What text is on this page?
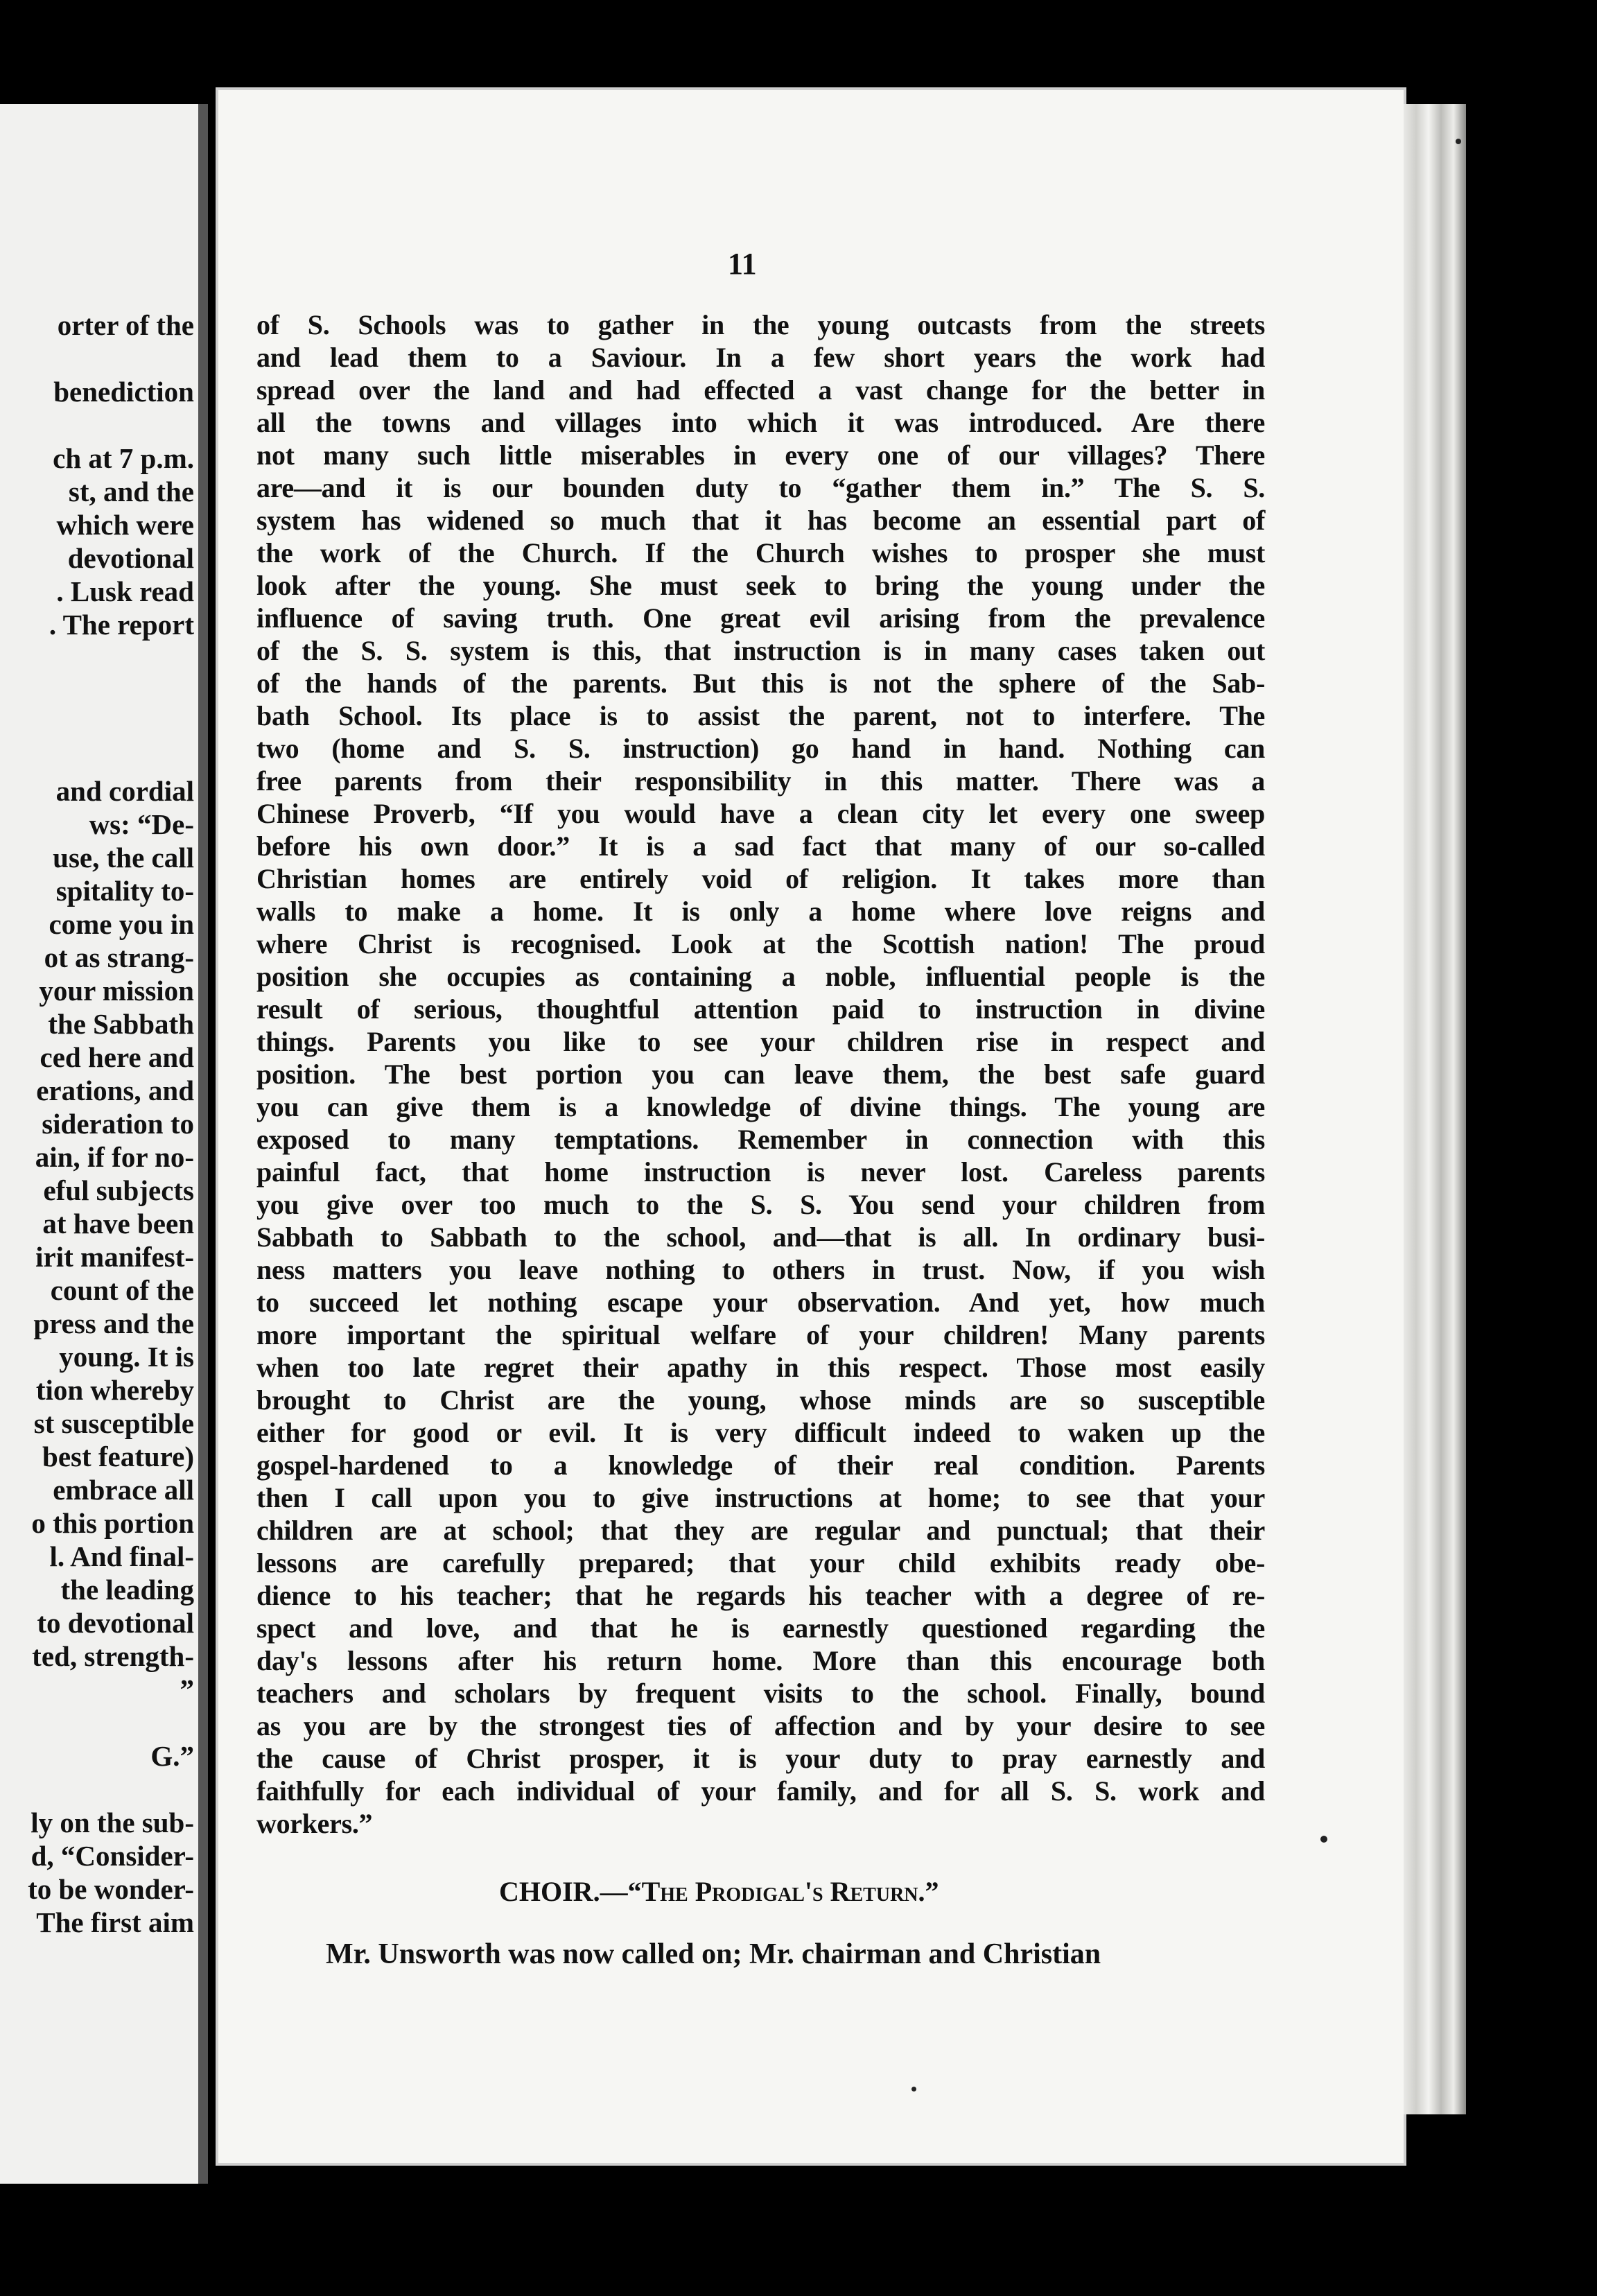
orter of the
benediction
ch at 7 p.m.
st, and the
which were
devotional
. Lusk read
. The report
and cordial
ws: “De-
use, the call
spitality to-
come you in
ot as strang-
your mission
the Sabbath
ced here and
erations, and
sideration to
ain, if for no-
eful subjects
at have been
irit manifest-
count of the
press and the
young. It is
tion whereby
st susceptible
best feature)
embrace all
o this portion
l. And final-
the leading
to devotional
ted, strength-
”
G.”
ly on the sub-
d, “Consider-
to be wonder-
The first aim
11
of S. Schools was to gather in the young outcasts from the streets
and lead them to a Saviour. In a few short years the work had
spread over the land and had effected a vast change for the better in
all the towns and villages into which it was introduced. Are there
not many such little miserables in every one of our villages? There
are—and it is our bounden duty to “gather them in.” The S. S.
system has widened so much that it has become an essential part of
the work of the Church. If the Church wishes to prosper she must
look after the young. She must seek to bring the young under the
influence of saving truth. One great evil arising from the prevalence
of the S. S. system is this, that instruction is in many cases taken out
of the hands of the parents. But this is not the sphere of the Sab-
bath School. Its place is to assist the parent, not to interfere. The
two (home and S. S. instruction) go hand in hand. Nothing can
free parents from their responsibility in this matter. There was a
Chinese Proverb, “If you would have a clean city let every one sweep
before his own door.” It is a sad fact that many of our so-called
Christian homes are entirely void of religion. It takes more than
walls to make a home. It is only a home where love reigns and
where Christ is recognised. Look at the Scottish nation! The proud
position she occupies as containing a noble, influential people is the
result of serious, thoughtful attention paid to instruction in divine
things. Parents you like to see your children rise in respect and
position. The best portion you can leave them, the best safe guard
you can give them is a knowledge of divine things. The young are
exposed to many temptations. Remember in connection with this
painful fact, that home instruction is never lost. Careless parents
you give over too much to the S. S. You send your children from
Sabbath to Sabbath to the school, and—that is all. In ordinary busi-
ness matters you leave nothing to others in trust. Now, if you wish
to succeed let nothing escape your observation. And yet, how much
more important the spiritual welfare of your children! Many parents
when too late regret their apathy in this respect. Those most easily
brought to Christ are the young, whose minds are so susceptible
either for good or evil. It is very difficult indeed to waken up the
gospel-hardened to a knowledge of their real condition. Parents
then I call upon you to give instructions at home; to see that your
children are at school; that they are regular and punctual; that their
lessons are carefully prepared; that your child exhibits ready obe-
dience to his teacher; that he regards his teacher with a degree of re-
spect and love, and that he is earnestly questioned regarding the
day's lessons after his return home. More than this encourage both
teachers and scholars by frequent visits to the school. Finally, bound
as you are by the strongest ties of affection and by your desire to see
the cause of Christ prosper, it is your duty to pray earnestly and
faithfully for each individual of your family, and for all S. S. work and
workers.”
CHOIR.—“The Prodigal's Return.”
Mr. Unsworth was now called on; Mr. chairman and Christian
